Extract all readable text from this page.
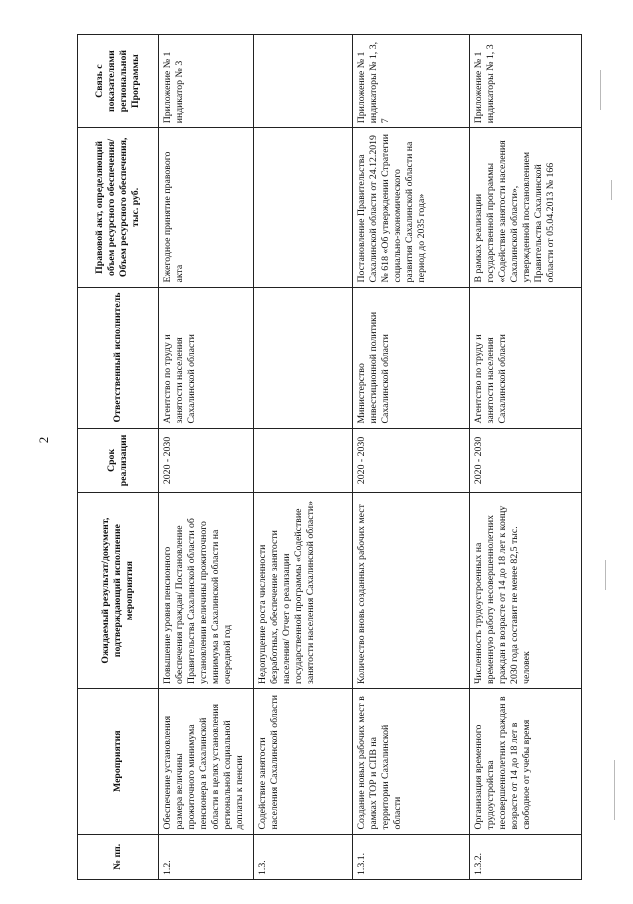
2
№ пп.	Мероприятия	Ожидаемый результат/документ, подтверждающий исполнение мероприятия	Срок реализации	Ответственный исполнитель	Правовой акт, определяющий объем ресурсного обеспечения/Объем ресурсного обеспечения, тыс. руб.	Связь с показателями региональной Программы
1.2.	Обеспечение установления размера величины прожиточного минимума пенсионера в Сахалинской области в целях установления региональной социальной доплаты к пенсии	Повышение уровня пенсионного обеспечения граждан/ Постановление Правительства Сахалинской области об установлении величины прожиточного минимума в Сахалинской области на очередной год	2020 - 2030	Агентство по труду и занятости населения Сахалинской области	Ежегодное принятие правового акта	Приложение № 1 индикатор № 3
1.3.	Содействие занятости населения Сахалинской области	Недопущение роста численности безработных, обеспечение занятости населения/ Отчет о реализации государственной программы «Содействие занятости населения Сахалинской области»				
1.3.1.	Создание новых рабочих мест в рамках ТОР и СПВ на территории Сахалинской области	Количество вновь созданных рабочих мест	2020 - 2030	Министерство инвестиционной политики Сахалинской области	Постановление Правительства Сахалинской области от 24.12.2019 № 618 «Об утверждении Стратегии социально-экономического развития Сахалинской области на период до 2035 года»	Приложение № 1 индикаторы № 1, 3, 7
1.3.2.	Организация временного трудоустройства несовершеннолетних граждан в возрасте от 14 до 18 лет в свободное от учебы время	Численность трудоустроенных на временную работу несовершеннолетних граждан в возрасте от 14 до 18 лет к концу 2030 года составит не менее 82,5 тыс. человек	2020 - 2030	Агентство по труду и занятости населения Сахалинской области	В рамках реализации государственной программы «Содействие занятости населения Сахалинской области», утвержденной постановлением Правительства Сахалинской области от 05.04.2013 № 166	Приложение № 1 индикаторы № 1, 3
